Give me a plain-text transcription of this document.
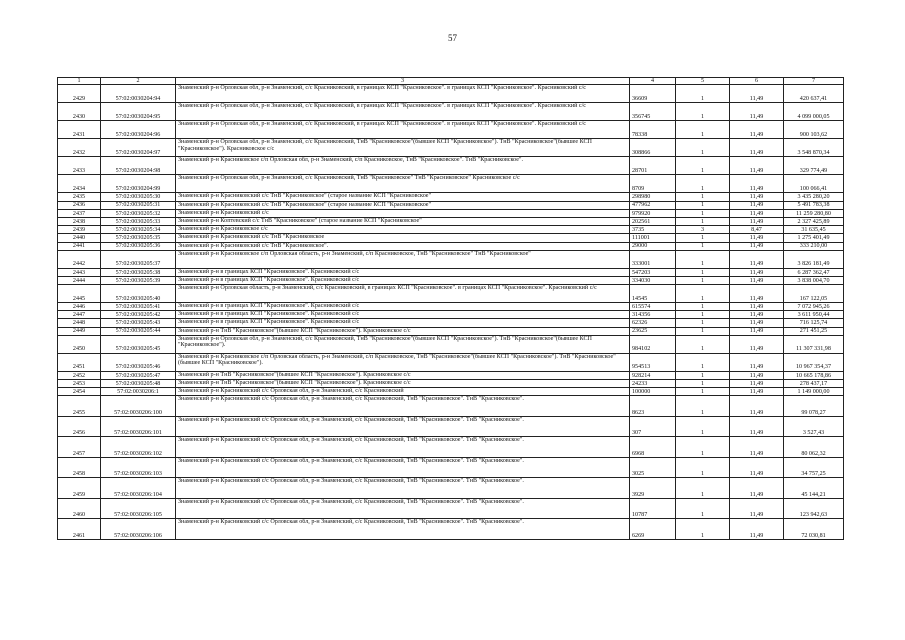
57
1	2	3	4	5	6	7
2429	57:02:0030204:94	Знаменский р-н Орловская обл, р-н Знаменский, с/с Красниковский, в границах КСП "Красниковское". в границах КСП "Красниковское". Красниковский с/с	36609	1	11,49	420 637,41
2430	57:02:0030204:95	Знаменский р-н Орловская обл, р-н Знаменский, с/с Красниковский, в границах КСП "Красниковское". в границах КСП "Красниковское". Красниковский с/с	356745	1	11,49	4 099 000,05
2431	57:02:0030204:96	Знаменский р-н Орловская обл, р-н Знаменский, с/с Красниковский, в границах КСП "Красниковское". в границах КСП "Красниковское". Красниковский с/с	78338	1	11,49	900 103,62
2432	57:02:0030204:97	Знаменский р-н Орловская обл, р-н Знаменский, с/с Красниковский, ТнВ "Красниковское"(бывшее КСП "Красниковское"). ТнВ "Красниковское"(бывшее КСП "Красниковское"). Красниковское с/с	308866	1	11,49	3 548 870,34
2433	57:02:0030204:98	Знаменский р-н Красниковское с/п Орловская обл, р-н Знаменский, с/п Красниковское, ТнВ "Красниковское". ТнВ "Красниковское".	28701	1	11,49	329 774,49
2434	57:02:0030204:99	Знаменский р-н Орловская обл, р-н Знаменский, с/с Красниковский, ТнВ "Красниковское" ТнВ "Красниковское" Красниковское с/с	8709	1	11,49	100 066,41
2435	57:02:0030205:30	Знаменский р-н Красниковский с/с ТнВ "Красниковское" (старое название КСП "Красниковское"	298980	1	11,49	3 435 280,20
2436	57:02:0030205:31	Знаменский р-н Красниковский с/с ТнВ "Красниковское" (старое название КСП "Красниковское"	477962	1	11,49	5 491 783,38
2437	57:02:0030205:32	Знаменский р-н Красниковский с/с	979920	1	11,49	11 259 280,80
2438	57:02:0030205:33	Знаменский р-н Коптевский с/с ТнВ "Красниковское" (старое название КСП "Красниковское"	202561	1	11,49	2 327 425,89
2439	57:02:0030205:34	Знаменский р-н Красниковское с/с	3735	3	8,47	31 635,45
2440	57:02:0030205:35	Знаменский р-н Красниковский с/с ТнВ "Красниковское	111001	1	11,49	1 275 401,49
2441	57:02:0030205:36	Знаменский р-н Красниковский с/с ТнВ "Красниковское".	29000	1	11,49	333 210,00
2442	57:02:0030205:37	Знаменский р-н Красниковское с/п Орловская область, р-н Знаменский, с/п Красниковское, ТнВ "Красниковское" ТнВ "Красниковское"	333001	1	11,49	3 826 181,49
2443	57:02:0030205:38	Знаменский р-н в границах КСП "Красниковское". Красниковский с/с	547203	1	11,49	6 287 362,47
2444	57:02:0030205:39	Знаменский р-н в границах КСП "Красниковское". Красниковский с/с	334030	1	11,49	3 838 004,70
2445	57:02:0030205:40	Знаменский р-н Орловская область, р-н Знаменский, с/с Красниковский, в границах КСП "Красниковское". в границах КСП "Красниковское". Красниковский с/с	14545	1	11,49	167 122,05
2446	57:02:0030205:41	Знаменский р-н в границах КСП "Красниковское". Красниковский с/с	615574	1	11,49	7 072 945,26
2447	57:02:0030205:42	Знаменский р-н в границах КСП "Красниковское". Красниковский с/с	314356	1	11,49	3 611 950,44
2448	57:02:0030205:43	Знаменский р-н в границах КСП "Красниковское". Красниковский с/с	62326	1	11,49	716 125,74
2449	57:02:0030205:44	Знаменский р-н ТнВ "Красниковское"(бывшее КСП "Красниковское"). Красниковское с/с	23625	1	11,49	271 451,25
2450	57:02:0030205:45	Знаменский р-н Орловская обл, р-н Знаменский, с/с Красниковский, ТнВ "Красниковское"(бывшее КСП "Красниковское"). ТнВ "Красниковское"(бывшее КСП "Красниковское").	984102	1	11,49	11 307 331,98
2451	57:02:0030205:46	Знаменский р-н Красниковское с/п Орловская область, р-н Знаменский, с/п Красниковское, ТнВ "Красниковское"(бывшее КСП "Красниковское"). ТнВ "Красниковское"(бывшее КСП "Красниковское").	954513	1	11,49	10 967 354,37
2452	57:02:0030205:47	Знаменский р-н ТнВ "Красниковское"(бывшее КСП "Красниковское"). Красниковское с/с	928214	1	11,49	10 665 178,86
2453	57:02:0030205:48	Знаменский р-н ТнВ "Красниковское"(бывшее КСП "Красниковское"). Красниковское с/с	24233	1	11,49	278 437,17
2454	57:02:0030206:1	Знаменский р-н Красниковский с/с Орловская обл, р-н Знаменский, с/с Красниковский	100000	1	11,49	1 149 000,00
2455	57:02:0030206:100	Знаменский р-н Красниковский с/с Орловская обл, р-н Знаменский, с/с Красниковский, ТнВ "Красниковское". ТнВ "Красниковское".	8623	1	11,49	99 078,27
2456	57:02:0030206:101	Знаменский р-н Красниковский с/с Орловская обл, р-н Знаменский, с/с Красниковский, ТнВ "Красниковское". ТнВ "Красниковское".	307	1	11,49	3 527,43
2457	57:02:0030206:102	Знаменский р-н Красниковский с/с Орловская обл, р-н Знаменский, с/с Красниковский, ТнВ "Красниковское". ТнВ "Красниковское".	6968	1	11,49	80 062,32
2458	57:02:0030206:103	Знаменский р-н Красниковский с/с Орловская обл, р-н Знаменский, с/с Красниковский, ТнВ "Красниковское". ТнВ "Красниковское".	3025	1	11,49	34 757,25
2459	57:02:0030206:104	Знаменский р-н Красниковский с/с Орловская обл, р-н Знаменский, с/с Красниковский, ТнВ "Красниковское". ТнВ "Красниковское".	3929	1	11,49	45 144,21
2460	57:02:0030206:105	Знаменский р-н Красниковский с/с Орловская обл, р-н Знаменский, с/с Красниковский, ТнВ "Красниковское". ТнВ "Красниковское".	10787	1	11,49	123 942,63
2461	57:02:0030206:106	Знаменский р-н Красниковский с/с Орловская обл, р-н Знаменский, с/с Красниковский, ТнВ "Красниковское". ТнВ "Красниковское".	6269	1	11,49	72 030,81
